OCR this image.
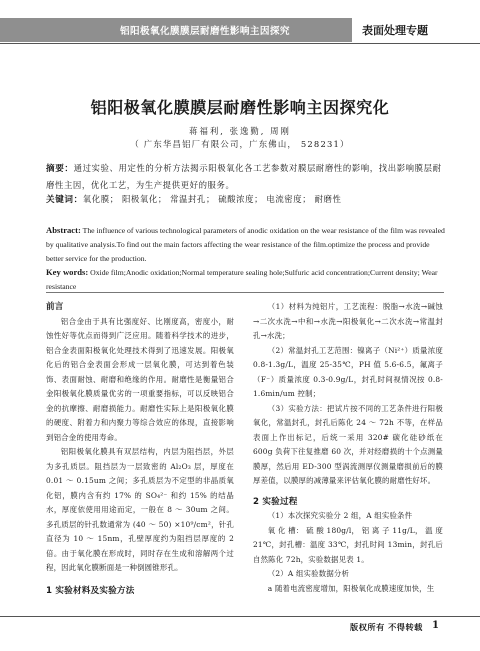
铝阳极氧化膜膜层耐磨性影响主因探究	表面处理专题
铝阳极氧化膜膜层耐磨性影响主因探究化
蒋福利, 张逸勤, 周刚
（ 广东华昌铝厂有限公司，广东佛山， 528231）
摘要：通过实验、用定性的分析方法揭示阳极氧化各工艺参数对膜层耐磨性的影响，找出影响膜层耐磨性主因，优化工艺，为生产提供更好的服务。
关键词：氧化膜； 阳极氧化； 常温封孔； 硫酸浓度； 电流密度； 耐磨性
Abstract: The influence of various technological parameters of anodic oxidation on the wear resistance of the film was revealed by qualitative analysis.To find out the main factors affecting the wear resistance of the film.optimize the process and provide better service for the production.
Key words: Oxide film;Anodic oxidation;Normal temperature sealing hole;Sulfuric acid concentration;Current density; Wear resistance

前言

铝合金由于具有比强度好、比刚度高，密度小，耐蚀性好等优点而得到广泛应用。随着科学技术的进步，铝合金表面阳极氧化处理技术得到了迅速发展。阳极氧化后的铝合金表面会形成一层氧化膜，可达到着色装饰、表面耐蚀、耐磨和绝缘的作用。耐磨性是衡量铝合金阳极氧化膜质量优劣的一项重要指标，可以反映铝合金的抗摩擦、耐磨损能力。耐磨性实际上是阳极氧化膜的硬度、附着力和内聚力等综合效应的体现，直接影响到铝合金的使用寿命。

铝阳极氧化膜具有双层结构，内层为阻挡层，外层为多孔质层。阻挡层为一层致密的 Al₂O₃ 层，厚度在 0.01 ～ 0.15um 之间；多孔质层为不定型的非晶质氧化铝，膜内含有约 17% 的 SO₄²⁻ 和约 15% 的结晶水，厚度依使用用途而定，一般在 8 ～ 30um 之间。多孔质层的针孔数通常为 (40 ～ 50) ×10⁹/cm²，针孔直径为 10 ～ 15nm，孔壁厚度约为阻挡层厚度的 2 倍。由于氧化膜在形成时，同时存在生成和溶解两个过程，因此氧化膜断面是一种倒圆锥形孔。

1 实验材料及实验方法

（1）材料为纯铝片，工艺流程：脱脂→水洗→碱蚀→二次水洗→中和→水洗→阳极氧化→二次水洗→常温封孔→水洗；

（2）常温封孔工艺范围：镍离子（Ni²⁺）质量浓度 0.8-1.3g/L，温度 25-35℃，PH 值 5.6-6.5，氟离子（F⁻）质量浓度 0.3-0.9g/L，封孔时间视情况按 0.8-1.6min/um 控制；

（3）实验方法：把试片按不同的工艺条件进行阳极氧化，常温封孔，封孔后陈化 24 ～ 72h 不等，在样品表面上作出标记，后统一采用 320# 碳化硅砂纸在 600g 负荷下往复推磨 60 次，并对经磨损的十个点测量膜厚，然后用 ED-300 型涡流测厚仪测量磨损前后的膜厚差值，以膜厚的减薄量来评估氧化膜的耐磨性好坏。

2 实验过程

（1）本次探究实验分 2 组，A 组实验条件

氧 化 槽： 硫 酸 180g/l， 铝 离 子 11g/L， 温 度 21℃，封孔槽：温度 33℃，封孔时间 13min，封孔后自然陈化 72h，实验数据见表 1。

（2）A 组实验数据分析

a 随着电流密度增加，阳极氧化成膜速度加快，生

版权所有 不得转载 1
